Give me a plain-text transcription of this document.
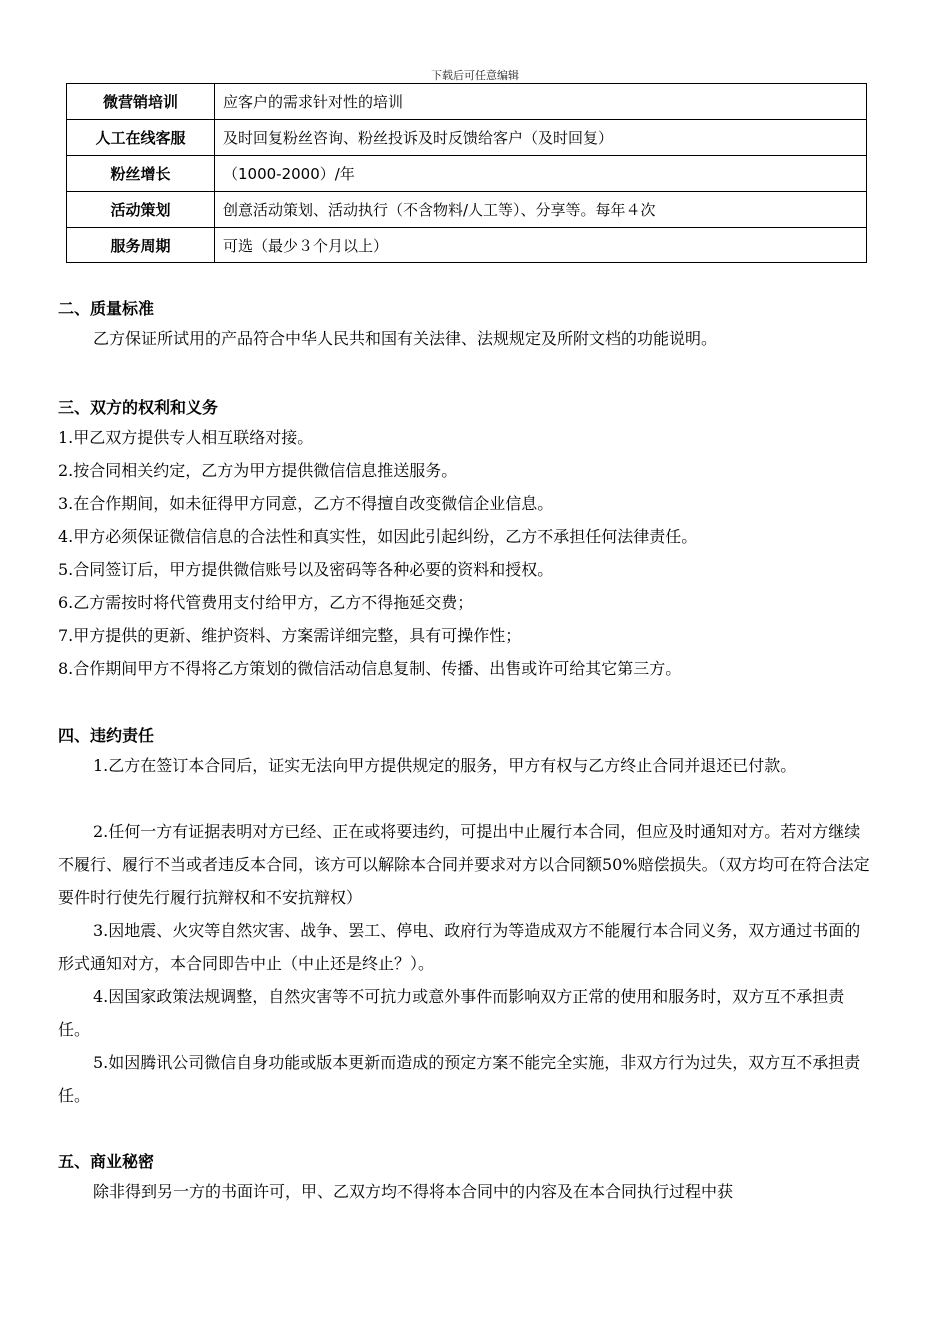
下载后可任意编辑
微营销培训	应客户的需求针对性的培训
人工在线客服	及时回复粉丝咨询、粉丝投诉及时反馈给客户（及时回复）
粉丝增长	（1000-2000）/年
活动策划	创意活动策划、活动执行（不含物料/人工等）、分享等。每年４次
服务周期	可选（最少３个月以上）
二、质量标准
乙方保证所试用的产品符合中华人民共和国有关法律、法规规定及所附文档的功能说明。
三、双方的权利和义务
1.甲乙双方提供专人相互联络对接。
2.按合同相关约定，乙方为甲方提供微信信息推送服务。
3.在合作期间，如未征得甲方同意，乙方不得擅自改变微信企业信息。
4.甲方必须保证微信信息的合法性和真实性，如因此引起纠纷，乙方不承担任何法律责任。
5.合同签订后，甲方提供微信账号以及密码等各种必要的资料和授权。
6.乙方需按时将代管费用支付给甲方，乙方不得拖延交费；
7.甲方提供的更新、维护资料、方案需详细完整，具有可操作性；
8.合作期间甲方不得将乙方策划的微信活动信息复制、传播、出售或许可给其它第三方。
四、违约责任
1.乙方在签订本合同后，证实无法向甲方提供规定的服务，甲方有权与乙方终止合同并退还已付款。
2.任何一方有证据表明对方已经、正在或将要违约，可提出中止履行本合同，但应及时通知对方。若对方继续不履行、履行不当或者违反本合同，该方可以解除本合同并要求对方以合同额50%赔偿损失。（双方均可在符合法定要件时行使先行履行抗辩权和不安抗辩权）
3.因地震、火灾等自然灾害、战争、罢工、停电、政府行为等造成双方不能履行本合同义务，双方通过书面的形式通知对方，本合同即告中止（中止还是终止？）。
4.因国家政策法规调整，自然灾害等不可抗力或意外事件而影响双方正常的使用和服务时，双方互不承担责任。
5.如因腾讯公司微信自身功能或版本更新而造成的预定方案不能完全实施，非双方行为过失，双方互不承担责任。
五、商业秘密
除非得到另一方的书面许可，甲、乙双方均不得将本合同中的内容及在本合同执行过程中获
